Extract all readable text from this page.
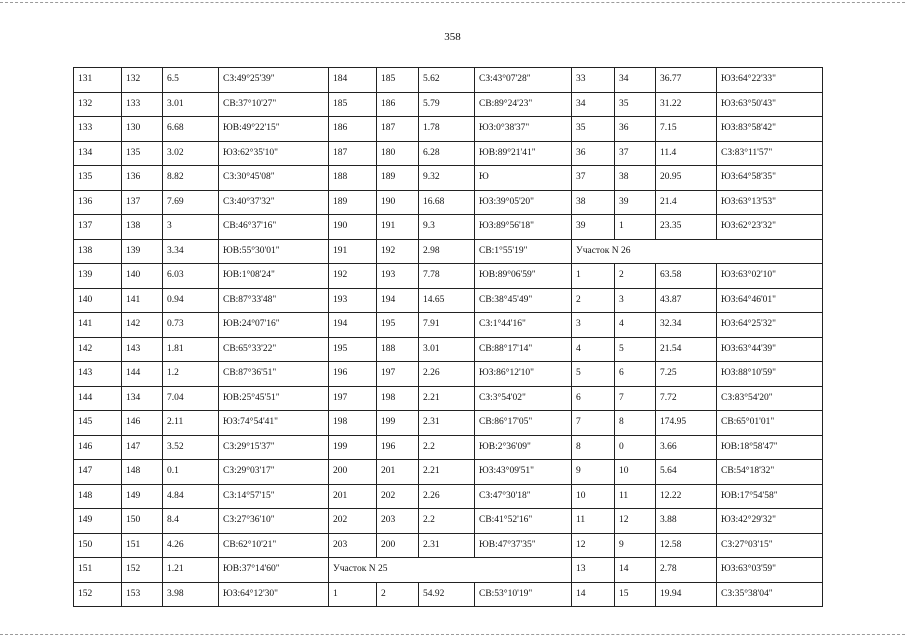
358
131	132	6.5	СЗ:49°25'39"	184	185	5.62	СЗ:43°07'28"	33	34	36.77	ЮЗ:64°22'33"
132	133	3.01	СВ:37°10'27"	185	186	5.79	СВ:89°24'23"	34	35	31.22	ЮЗ:63°50'43"
133	130	6.68	ЮВ:49°22'15"	186	187	1.78	ЮЗ:0°38'37"	35	36	7.15	ЮЗ:83°58'42"
134	135	3.02	ЮЗ:62°35'10"	187	180	6.28	ЮВ:89°21'41"	36	37	11.4	СЗ:83°11'57"
135	136	8.82	СЗ:30°45'08"	188	189	9.32	Ю	37	38	20.95	ЮЗ:64°58'35"
136	137	7.69	СЗ:40°37'32"	189	190	16.68	ЮЗ:39°05'20"	38	39	21.4	ЮЗ:63°13'53"
137	138	3	СВ:46°37'16"	190	191	9.3	ЮЗ:89°56'18"	39	1	23.35	ЮЗ:62°23'32"
138	139	3.34	ЮВ:55°30'01"	191	192	2.98	СВ:1°55'19"	Участок N 26			
139	140	6.03	ЮВ:1°08'24"	192	193	7.78	ЮВ:89°06'59"	1	2	63.58	ЮЗ:63°02'10"
140	141	0.94	СВ:87°33'48"	193	194	14.65	СВ:38°45'49"	2	3	43.87	ЮЗ:64°46'01"
141	142	0.73	ЮВ:24°07'16"	194	195	7.91	СЗ:1°44'16"	3	4	32.34	ЮЗ:64°25'32"
142	143	1.81	СВ:65°33'22"	195	188	3.01	СВ:88°17'14"	4	5	21.54	ЮЗ:63°44'39"
143	144	1.2	СВ:87°36'51"	196	197	2.26	ЮЗ:86°12'10"	5	6	7.25	ЮЗ:88°10'59"
144	134	7.04	ЮВ:25°45'51"	197	198	2.21	СЗ:3°54'02"	6	7	7.72	СЗ:83°54'20"
145	146	2.11	ЮЗ:74°54'41"	198	199	2.31	СВ:86°17'05"	7	8	174.95	СВ:65°01'01"
146	147	3.52	СЗ:29°15'37"	199	196	2.2	ЮВ:2°36'09"	8	0	3.66	ЮВ:18°58'47"
147	148	0.1	СЗ:29°03'17"	200	201	2.21	ЮЗ:43°09'51"	9	10	5.64	СВ:54°18'32"
148	149	4.84	СЗ:14°57'15"	201	202	2.26	СЗ:47°30'18"	10	11	12.22	ЮВ:17°54'58"
149	150	8.4	СЗ:27°36'10"	202	203	2.2	СВ:41°52'16"	11	12	3.88	ЮЗ:42°29'32"
150	151	4.26	СВ:62°10'21"	203	200	2.31	ЮВ:47°37'35"	12	9	12.58	СЗ:27°03'15"
151	152	1.21	ЮВ:37°14'60"	Участок N 25				13	14	2.78	ЮЗ:63°03'59"
152	153	3.98	ЮЗ:64°12'30"	1	2	54.92	СВ:53°10'19"	14	15	19.94	СЗ:35°38'04"
